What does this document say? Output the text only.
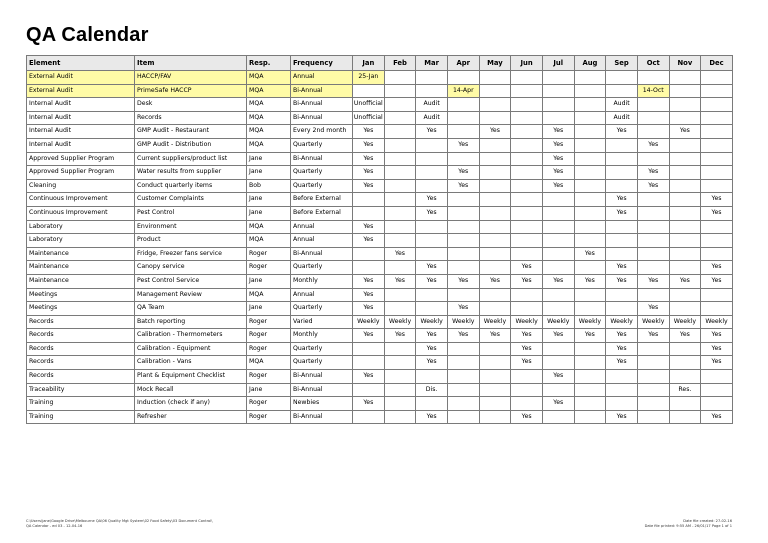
QA Calendar
Element	Item	Resp.	Frequency	Jan	Feb	Mar	Apr	May	Jun	Jul	Aug	Sep	Oct	Nov	Dec
External Audit	HACCP/FAV	MQA	Annual	25-Jan											
External Audit	PrimeSafe HACCP	MQA	Bi-Annual				14-Apr						14-Oct		
Internal Audit	Desk	MQA	Bi-Annual	Unofficial		Audit						Audit			
Internal Audit	Records	MQA	Bi-Annual	Unofficial		Audit						Audit			
Internal Audit	GMP Audit - Restaurant	MQA	Every 2nd month	Yes		Yes		Yes		Yes		Yes		Yes	
Internal Audit	GMP Audit - Distribution	MQA	Quarterly	Yes			Yes			Yes			Yes		
Approved Supplier Program	Current suppliers/product list	Jane	Bi-Annual	Yes						Yes					
Approved Supplier Program	Water results from supplier	Jane	Quarterly	Yes			Yes			Yes			Yes		
Cleaning	Conduct quarterly items	Bob	Quarterly	Yes			Yes			Yes			Yes		
Continuous Improvement	Customer Complaints	Jane	Before External			Yes						Yes			Yes
Continuous Improvement	Pest Control	Jane	Before External			Yes						Yes			Yes
Laboratory	Environment	MQA	Annual	Yes											
Laboratory	Product	MQA	Annual	Yes											
Maintenance	Fridge, Freezer fans service	Roger	Bi-Annual		Yes						Yes				
Maintenance	Canopy service	Roger	Quarterly			Yes			Yes			Yes			Yes
Maintenance	Pest Control Service	Jane	Monthly	Yes	Yes	Yes	Yes	Yes	Yes	Yes	Yes	Yes	Yes	Yes	Yes
Meetings	Management Review	MQA	Annual	Yes											
Meetings	QA Team	Jane	Quarterly	Yes			Yes						Yes		
Records	Batch reporting	Roger	Varied	Weekly	Weekly	Weekly	Weekly	Weekly	Weekly	Weekly	Weekly	Weekly	Weekly	Weekly	Weekly
Records	Calibration - Thermometers	Roger	Monthly	Yes	Yes	Yes	Yes	Yes	Yes	Yes	Yes	Yes	Yes	Yes	Yes
Records	Calibration - Equipment	Roger	Quarterly			Yes			Yes			Yes			Yes
Records	Calibration - Vans	MQA	Quarterly			Yes			Yes			Yes			Yes
Records	Plant & Equipment Checklist	Roger	Bi-Annual	Yes						Yes					
Traceability	Mock Recall	Jane	Bi-Annual			Dis.								Res.	
Training	Induction (check if any)	Roger	Newbies	Yes						Yes					
Training	Refresher	Roger	Bi-Annual			Yes			Yes			Yes			Yes
C:\Users\jane\Google Drive\Melbourne QA\06 Quality Mgt System\02 Food Safety\03 Document Control\
QA Calendar - ed 03 - 12-04-16
Date file created: 27-02-16
Date file printed: 9:55 AM - 26/01/17 Page 1 of 1
